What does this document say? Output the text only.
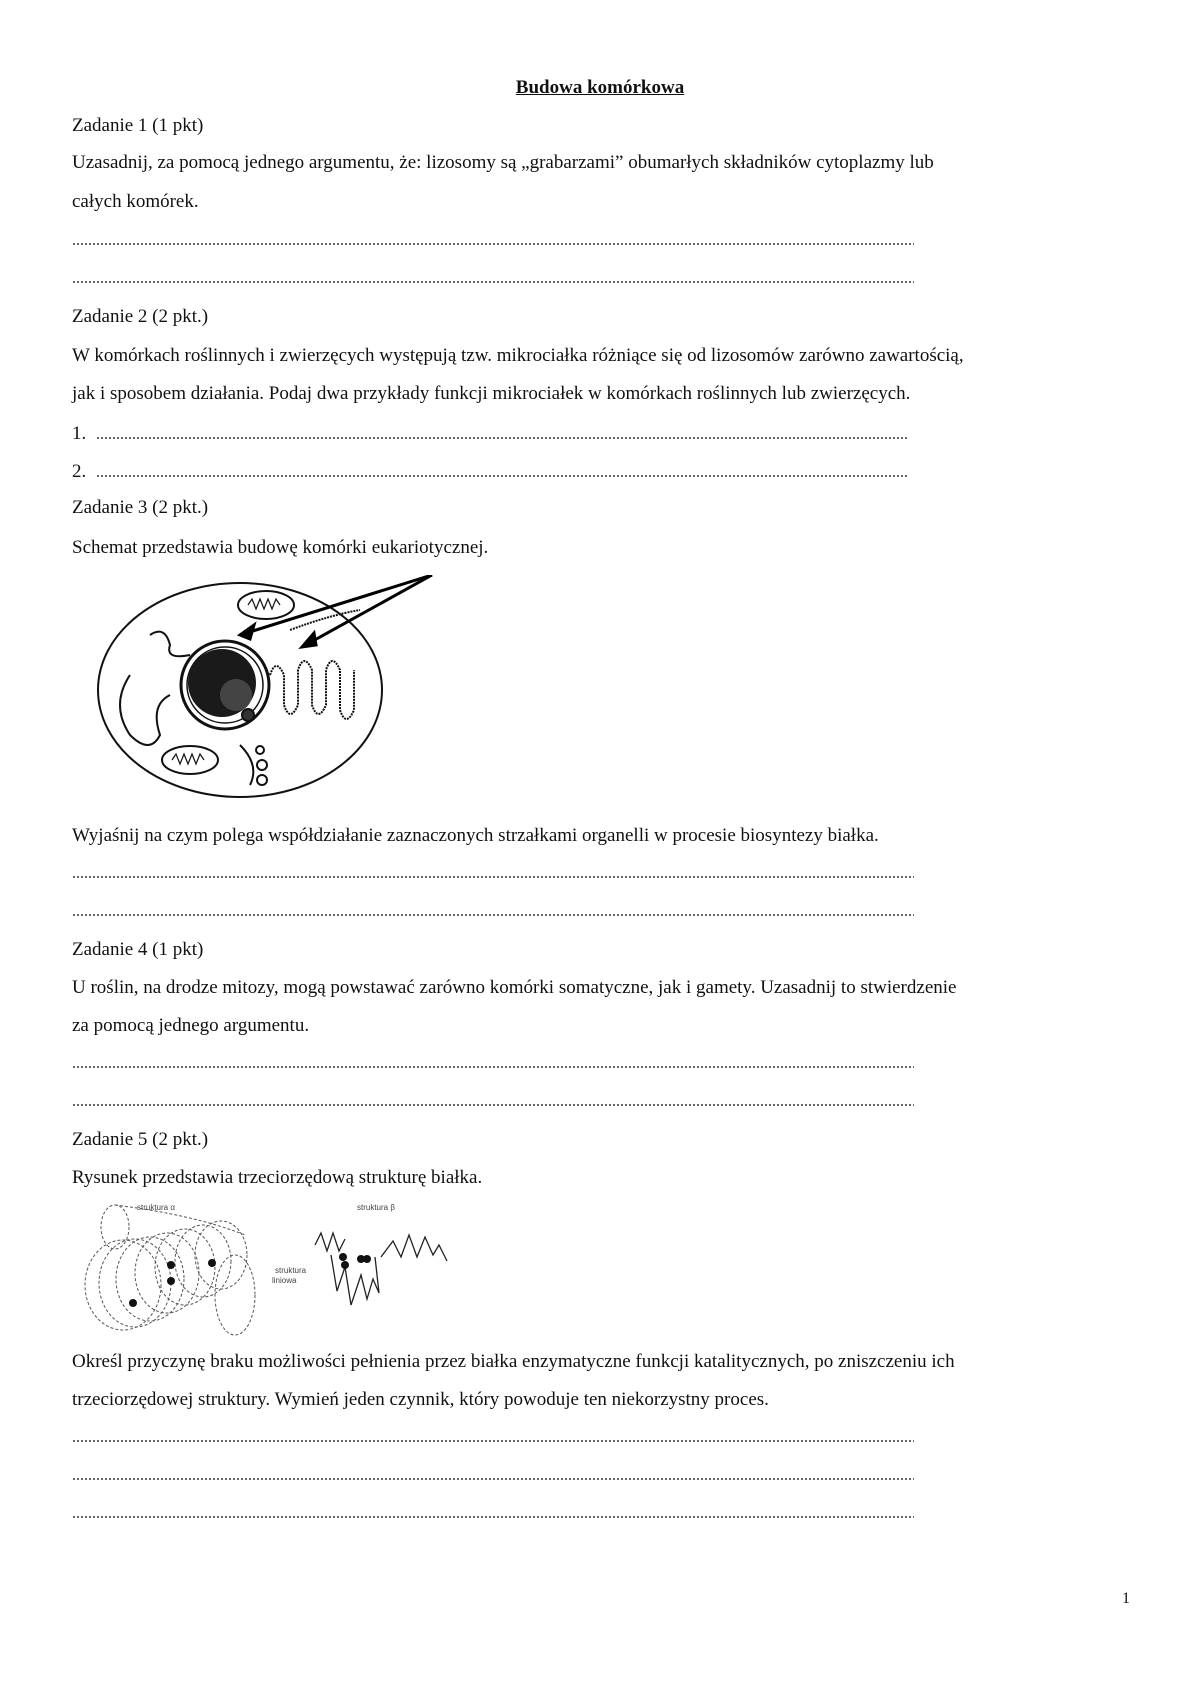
Budowa komórkowa
Zadanie 1 (1 pkt)
Uzasadnij, za pomocą jednego argumentu, że: lizosomy są „grabarzami” obumarłych składników cytoplazmy lub
całych komórek.
Zadanie 2 (2 pkt.)
W komórkach roślinnych i zwierzęcych występują tzw. mikrociałka różniące się od lizosomów zarówno zawartością,
jak i sposobem działania. Podaj dwa przykłady funkcji mikrociałek w komórkach roślinnych lub zwierzęcych.
1.
2.
Zadanie 3 (2 pkt.)
Schemat przedstawia budowę komórki eukariotycznej.
Wyjaśnij na czym polega współdziałanie zaznaczonych strzałkami organelli w procesie biosyntezy białka.
Zadanie 4 (1 pkt)
U roślin, na drodze mitozy, mogą powstawać zarówno komórki somatyczne, jak i gamety. Uzasadnij to stwierdzenie
za pomocą jednego argumentu.
Zadanie 5 (2 pkt.)
Rysunek przedstawia trzeciorzędową strukturę białka.
struktura α	struktura β
struktura
liniowa
Określ przyczynę braku możliwości pełnienia przez białka enzymatyczne funkcji katalitycznych, po zniszczeniu ich
trzeciorzędowej struktury. Wymień jeden czynnik, który powoduje ten niekorzystny proces.
1
